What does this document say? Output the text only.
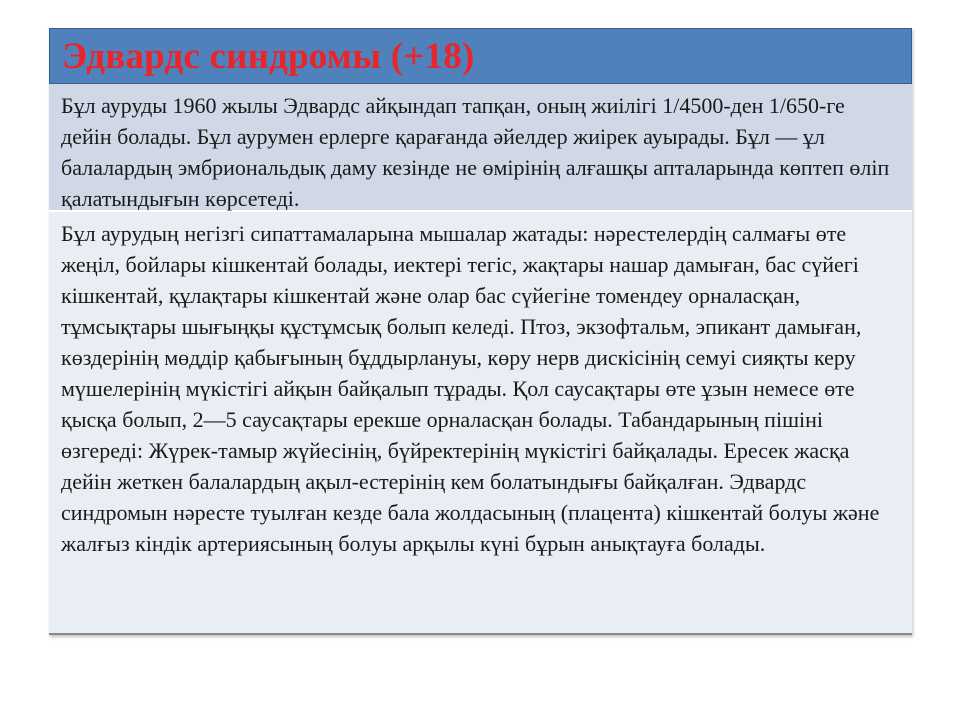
Эдвардс синдромы (+18)
Бұл ауруды 1960 жылы Эдвардс айқындап тапқан, оның жиілігі 1/4500-ден 1/650-ге дейін болады. Бұл аурумен ерлерге қарағанда әйелдер жиірек ауырады. Бұл — ұл балалардың эмбриональдық даму кезінде не өмірінің алғашқы апталарында көптеп өліп қалатындығын көрсетеді.
Бұл аурудың негізгі сипаттамаларына мышалар жатады: нәрестелердің салмағы өте жеңіл, бойлары кішкентай болады, иектері тегіс, жақтары нашар дамыған, бас сүйегі кішкентай, құлақтары кішкентай және олар бас сүйегіне томендеу орналасқан, тұмсықтары шығыңқы құстұмсық болып келеді. Птоз, экзофтальм, эпикант дамыған, көздерінің мөддір қабығының бұддырлануы, көру нерв дискісінің семуі сияқты керу мүшелерінің мүкістігі айқын байқалып тұрады. Қол саусақтары өте ұзын немесе өте қысқа болып, 2—5 саусақтары ерекше орналасқан болады. Табандарының пішіні өзгереді: Жүрек-тамыр жүйесінің, бүйректерінің мүкістігі байқалады. Ересек жасқа дейін жеткен балалардың ақыл-естерінің кем болатындығы байқалған. Эдвардс синдромын нәресте туылған кезде бала жолдасының (плацента) кішкентай болуы және жалғыз кіндік артериясының болуы арқылы күні бұрын анықтауға болады.
